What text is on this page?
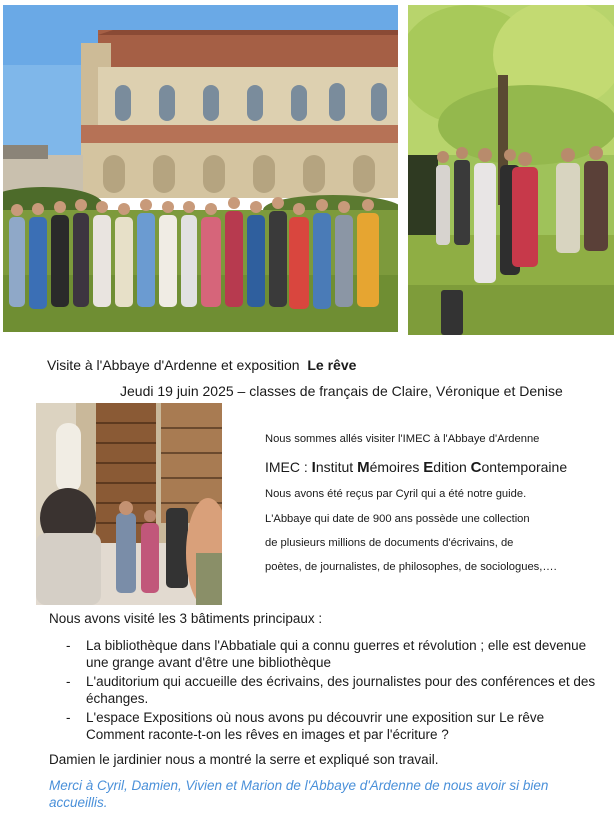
Visite à l'Abbaye d'Ardenne et exposition Le rêve
Jeudi 19 juin 2025 – classes de français de Claire, Véronique et Denise
Nous sommes allés visiter l'IMEC à l'Abbaye d'Ardenne
IMEC : Institut Mémoires Edition Contemporaine
Nous avons été reçus par Cyril qui a été notre guide.
L'Abbaye qui date de 900 ans possède une collection
de plusieurs millions de documents d'écrivains, de
poètes, de journalistes, de philosophes, de sociologues,….
Nous avons visité les 3 bâtiments principaux :
- La bibliothèque dans l'Abbatiale qui a connu guerres et révolution ; elle est devenue une grange avant d'être une bibliothèque
- L'auditorium qui accueille des écrivains, des journalistes pour des conférences et des échanges.
- L'espace Expositions où nous avons pu découvrir une exposition sur Le rêve Comment raconte-t-on les rêves en images et par l'écriture ?
Damien le jardinier nous a montré la serre et expliqué son travail.
Merci à Cyril, Damien, Vivien et Marion de l'Abbaye d'Ardenne de nous avoir si bien accueillis.
